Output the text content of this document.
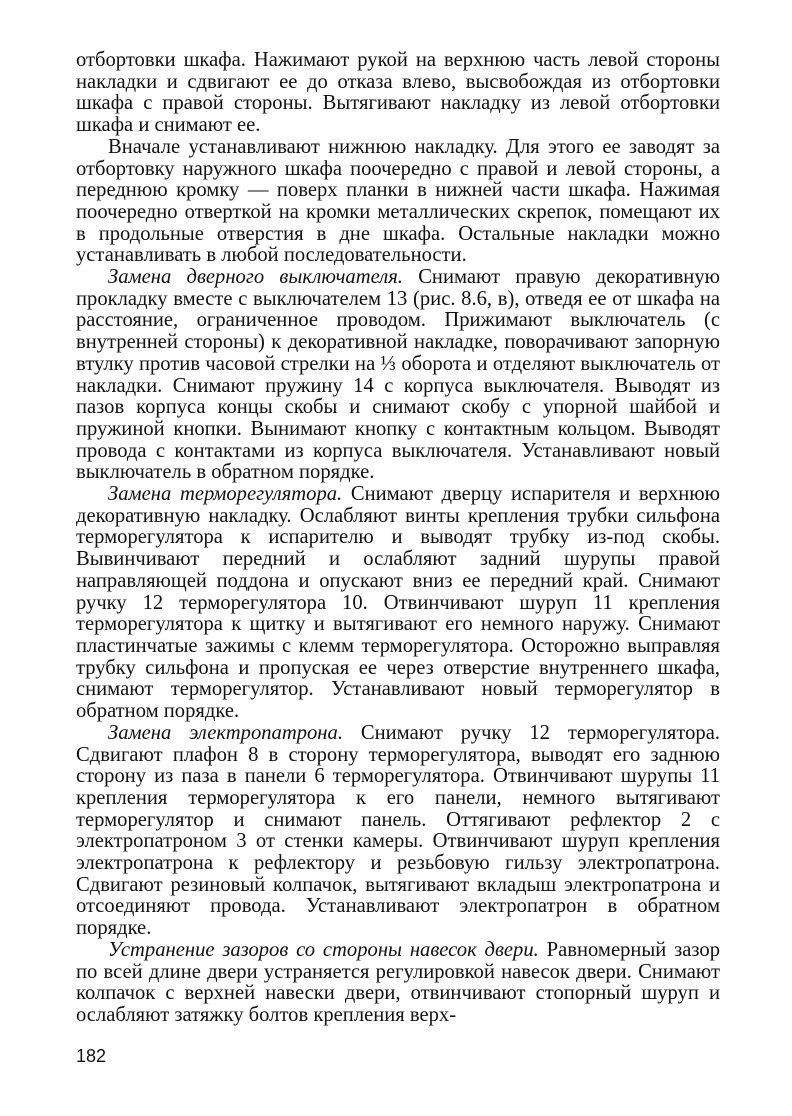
отбортовки шкафа. Нажимают рукой на верхнюю часть левой стороны накладки и сдвигают ее до отказа влево, высвобождая из отбортовки шкафа с правой стороны. Вытягивают накладку из левой отбортовки шкафа и снимают ее.

Вначале устанавливают нижнюю накладку. Для этого ее заводят за отбортовку наружного шкафа поочередно с правой и левой стороны, а переднюю кромку — поверх планки в нижней части шкафа. Нажимая поочередно отверткой на кромки металлических скрепок, помещают их в продольные отверстия в дне шкафа. Остальные накладки можно устанавливать в любой последовательности.

Замена дверного выключателя. Снимают правую декоративную прокладку вместе с выключателем 13 (рис. 8.6, в), отведя ее от шкафа на расстояние, ограниченное проводом. Прижимают выключатель (с внутренней стороны) к декоративной накладке, поворачивают запорную втулку против часовой стрелки на ⅓ оборота и отделяют выключатель от накладки. Снимают пружину 14 с корпуса выключателя. Выводят из пазов корпуса концы скобы и снимают скобу с упорной шайбой и пружиной кнопки. Вынимают кнопку с контактным кольцом. Выводят провода с контактами из корпуса выключателя. Устанавливают новый выключатель в обратном порядке.

Замена терморегулятора. Снимают дверцу испарителя и верхнюю декоративную накладку. Ослабляют винты крепления трубки сильфона терморегулятора к испарителю и выводят трубку из-под скобы. Вывинчивают передний и ослабляют задний шурупы правой направляющей поддона и опускают вниз ее передний край. Снимают ручку 12 терморегулятора 10. Отвинчивают шуруп 11 крепления терморегулятора к щитку и вытягивают его немного наружу. Снимают пластинчатые зажимы с клемм терморегулятора. Осторожно выправляя трубку сильфона и пропуская ее через отверстие внутреннего шкафа, снимают терморегулятор. Устанавливают новый терморегулятор в обратном порядке.

Замена электропатрона. Снимают ручку 12 терморегулятора. Сдвигают плафон 8 в сторону терморегулятора, выводят его заднюю сторону из паза в панели 6 терморегулятора. Отвинчивают шурупы 11 крепления терморегулятора к его панели, немного вытягивают терморегулятор и снимают панель. Оттягивают рефлектор 2 с электропатроном 3 от стенки камеры. Отвинчивают шуруп крепления электропатрона к рефлектору и резьбовую гильзу электропатрона. Сдвигают резиновый колпачок, вытягивают вкладыш электропатрона и отсоединяют провода. Устанавливают электропатрон в обратном порядке.

Устранение зазоров со стороны навесок двери. Равномерный зазор по всей длине двери устраняется регулировкой навесок двери. Снимают колпачок с верхней навески двери, отвинчивают стопорный шуруп и ослабляют затяжку болтов крепления верх-

182
